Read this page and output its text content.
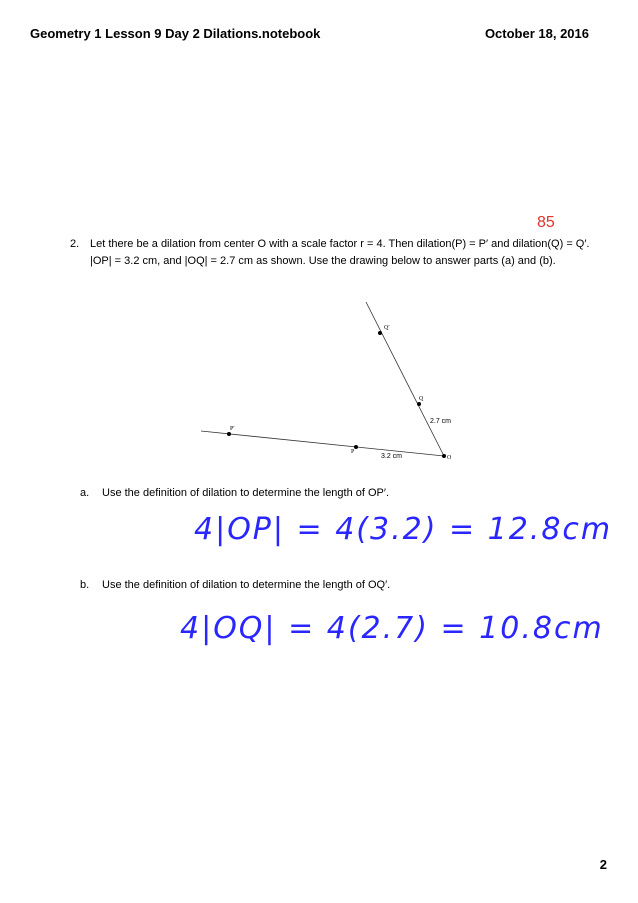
Geometry 1 Lesson 9 Day 2 Dilations.notebook	October 18, 2016
85
2. Let there be a dilation from center O with a scale factor r = 4. Then dilation(P) = P′ and dilation(Q) = Q′.
|OP| = 3.2 cm, and |OQ| = 2.7 cm as shown. Use the drawing below to answer parts (a) and (b).
Q′
Q
O
P′
P
2.7 cm
3.2 cm
a. Use the definition of dilation to determine the length of OP′.
4|OP| = 4(3.2) = 12.8cm
b. Use the definition of dilation to determine the length of OQ′.
4|OQ| = 4(2.7) = 10.8cm
2
